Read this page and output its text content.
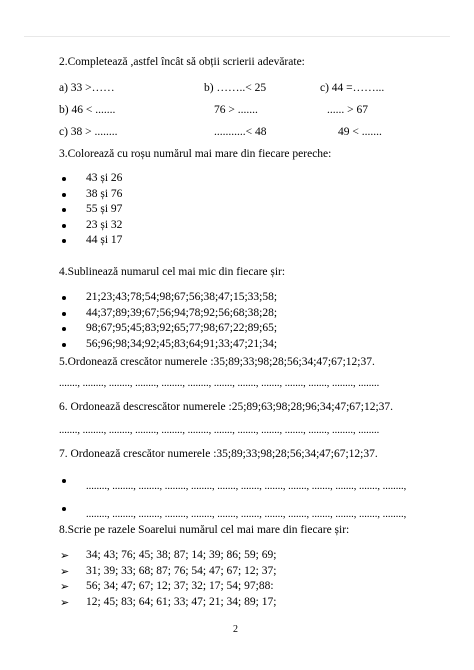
2.Completează ,astfel încât să obții scrierii adevărate:
a) 33 >……	b) ……..< 25	c) 44 =……...
b) 46 < .......	76 > .......	...... > 67
c) 38 > ........	...........< 48	49 < .......
3.Colorează cu roșu numărul mai mare din fiecare pereche:
43 și 26
38 și 76
55 și 97
23 și 32
44 și 17
4.Sublinează numarul cel mai mic din fiecare șir:
21;23;43;78;54;98;67;56;38;47;15;33;58;
44;37;89;39;67;56;94;78;92;56;68;38;28;
98;67;95;45;83;92;65;77;98;67;22;89;65;
56;96;98;34;92;45;83;64;91;33;47;21;34;
5.Ordonează crescător numerele :35;89;33;98;28;56;34;47;67;12;37.
......., ........, ........, ........, ........, ........, ......., ......., ......., ......., ......., ........, ........
6. Ordonează descrescător numerele :25;89;63;98;28;96;34;47;67;12;37.
......., ........, ........, ........, ........, ........, ......., ......., ......., ......., ......., ........, ........
7. Ordonează crescător numerele :35;89;33;98;28;56;34;47;67;12;37.
........, ........, ........, ........, ........, ......., ......., ......., ......., ......., ......., ......., ........,
........, ........, ........, ........, ........, ......., ......., ......., ......., ......., ......., ......., ........,
8.Scrie pe razele Soarelui numărul cel mai mare din fiecare șir:
➢ 34; 43; 76; 45; 38; 87; 14; 39; 86; 59; 69;
➢ 31; 39; 33; 68; 87; 76; 54; 47; 67; 12; 37;
➢ 56; 34; 47; 67; 12; 37; 32; 17; 54; 97;88:
➢ 12; 45; 83; 64; 61; 33; 47; 21; 34; 89; 17;
2
